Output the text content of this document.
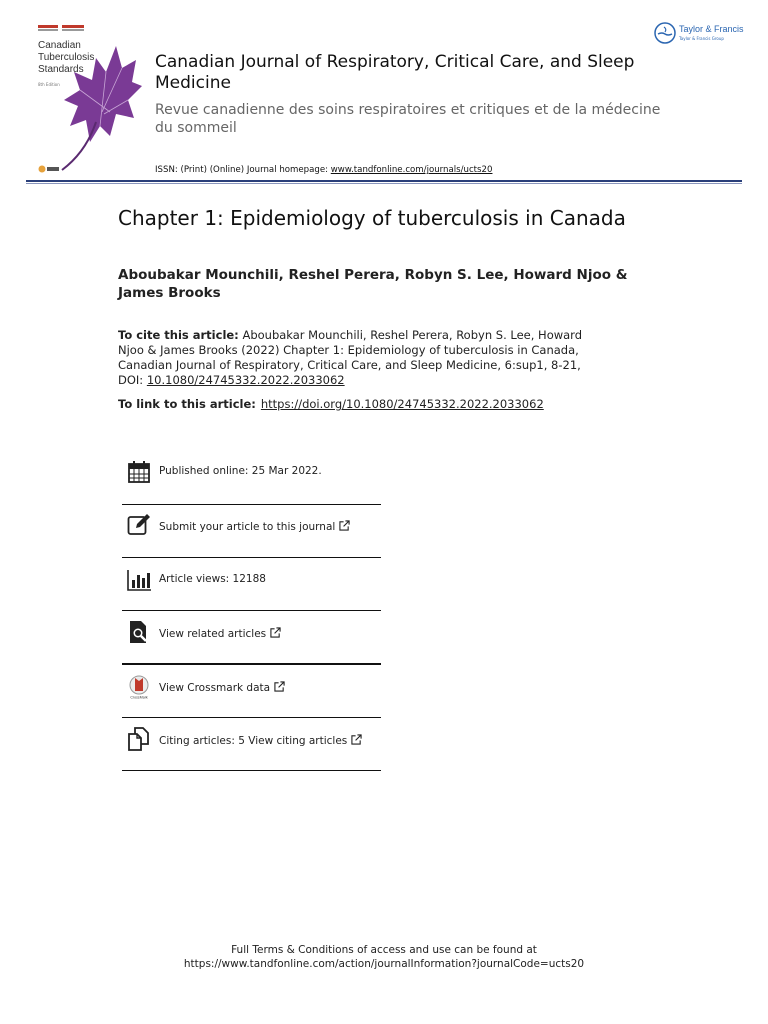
Canadian
Tuberculosis
Standards
8th Edition
Taylor & Francis
Taylor & Francis Group
Canadian Journal of Respiratory, Critical Care, and Sleep Medicine
Revue canadienne des soins respiratoires et critiques et de la médecine du sommeil
ISSN: (Print) (Online) Journal homepage: www.tandfonline.com/journals/ucts20
Chapter 1: Epidemiology of tuberculosis in Canada
Aboubakar Mounchili, Reshel Perera, Robyn S. Lee, Howard Njoo & James Brooks
To cite this article: Aboubakar Mounchili, Reshel Perera, Robyn S. Lee, Howard Njoo & James Brooks (2022) Chapter 1: Epidemiology of tuberculosis in Canada, Canadian Journal of Respiratory, Critical Care, and Sleep Medicine, 6:sup1, 8-21, DOI: 10.1080/24745332.2022.2033062
To link to this article: https://doi.org/10.1080/24745332.2022.2033062
Published online: 25 Mar 2022.
Submit your article to this journal
Article views: 12188
View related articles
CrossMark
View Crossmark data
Citing articles: 5 View citing articles
Full Terms & Conditions of access and use can be found at
https://www.tandfonline.com/action/journalInformation?journalCode=ucts20
